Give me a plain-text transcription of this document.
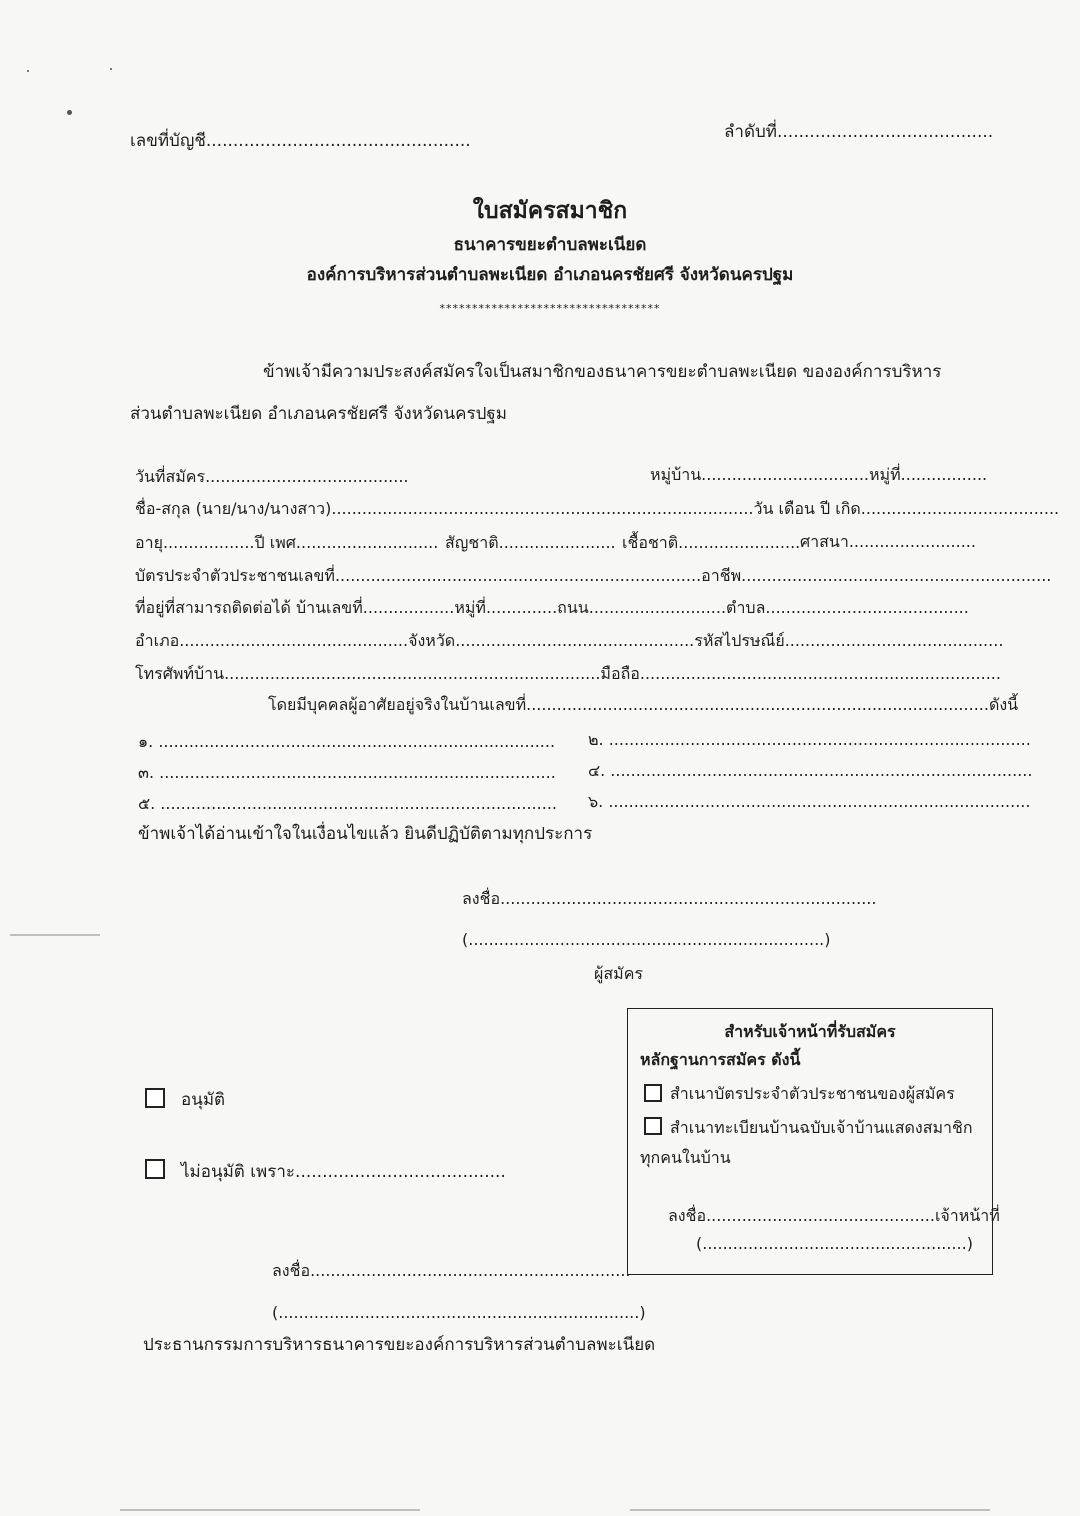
เลขที่บัญชี.................................................	ลำดับที่........................................
ใบสมัครสมาชิก
ธนาคารขยะตำบลพะเนียด
องค์การบริหารส่วนตำบลพะเนียด อำเภอนครชัยศรี จังหวัดนครปฐม
**********************************
ข้าพเจ้ามีความประสงค์สมัครใจเป็นสมาชิกของธนาคารขยะตำบลพะเนียด ขององค์การบริหาร
ส่วนตำบลพะเนียด อำเภอนครชัยศรี จังหวัดนครปฐม
วันที่สมัคร........................................	หมู่บ้าน.................................หมู่ที่.................
ชื่อ-สกุล (นาย/นาง/นางสาว)...................................................................................วัน เดือน ปี เกิด.......................................
อายุ..................ปี เพศ............................ สัญชาติ....................... เชื้อชาติ........................ ศาสนา.........................
บัตรประจำตัวประชาชนเลขที่........................................................................อาชีพ.............................................................
ที่อยู่ที่สามารถติดต่อได้ บ้านเลขที่..................หมู่ที่..............ถนน...........................ตำบล........................................
อำเภอ.............................................จังหวัด...............................................รหัสไปรษณีย์...........................................
โทรศัพท์บ้าน..........................................................................มือถือ.......................................................................
โดยมีบุคคลผู้อาศัยอยู่จริงในบ้านเลขที่...........................................................................................ดังนี้
๑. .............................................................................. ๒. ...................................................................................
๓. .............................................................................. ๔. ...................................................................................
๕. .............................................................................. ๖. ...................................................................................
ข้าพเจ้าได้อ่านเข้าใจในเงื่อนไขแล้ว ยินดีปฏิบัติตามทุกประการ
ลงชื่อ..........................................................................
(......................................................................)
ผู้สมัคร
อนุมัติ
ไม่อนุมัติ เพราะ.......................................
ลงชื่อ...............................................................
(.......................................................................)
ประธานกรรมการบริหารธนาคารขยะองค์การบริหารส่วนตำบลพะเนียด
สำหรับเจ้าหน้าที่รับสมัคร
หลักฐานการสมัคร ดังนี้
สำเนาบัตรประจำตัวประชาชนของผู้สมัคร
สำเนาทะเบียนบ้านฉบับเจ้าบ้านแสดงสมาชิก
ทุกคนในบ้าน
ลงชื่อ.............................................เจ้าหน้าที่
(....................................................)
